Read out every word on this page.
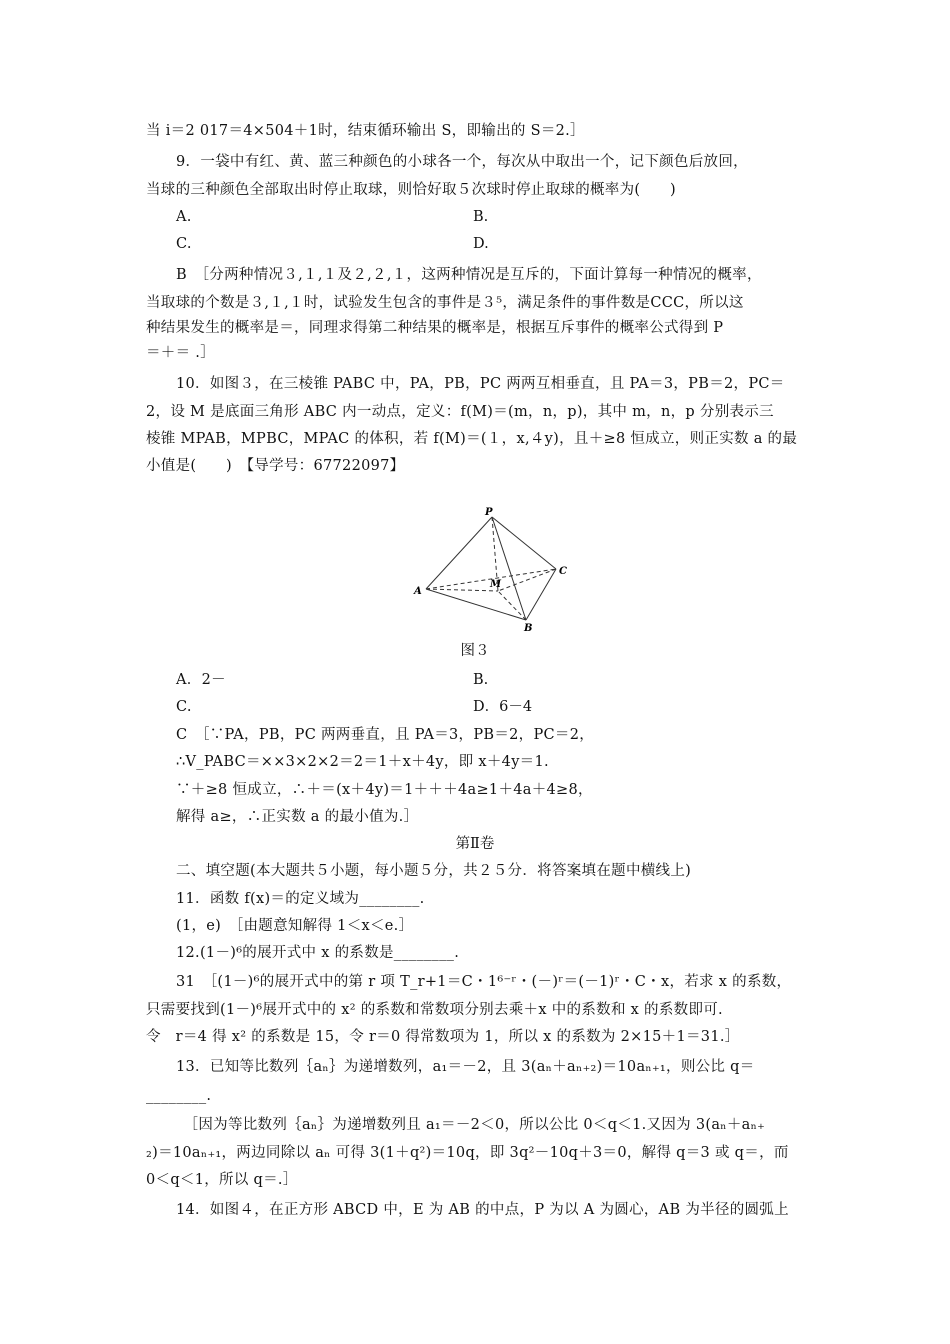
当 i＝2 017＝4×504＋1时，结束循环输出 S，即输出的 S＝2.］
9．一袋中有红、黄、蓝三种颜色的小球各一个，每次从中取出一个，记下颜色后放回，
当球的三种颜色全部取出时停止取球，则恰好取５次球时停止取球的概率为(　　)
A.	B.
C.	D.
B　［分两种情况３,１,１及２,２,１，这两种情况是互斥的，下面计算每一种情况的概率，
当取球的个数是３,１,１时，试验发生包含的事件是３⁵，满足条件的事件数是CCC，所以这
种结果发生的概率是＝，同理求得第二种结果的概率是，根据互斥事件的概率公式得到 P
＝＋＝ .］
10．如图３，在三棱锥 PABC 中，PA，PB，PC 两两互相垂直，且 PA＝3，PB＝2，PC＝
2，设 M 是底面三角形 ABC 内一动点，定义：f(M)＝(m，n，p)，其中 m，n，p 分别表示三
棱锥 MPAB，MPBC，MPAC 的体积，若 f(M)＝(１，x,４y)，且＋≥8 恒成立，则正实数 a 的最
小值是(　　)　【导学号：67722097】
P
A
C
B
M
图３
A．2－	B.
C.	D．6－4
C　［∵PA，PB，PC 两两垂直，且 PA＝3，PB＝2，PC＝2，
∴V_PABC＝××3×2×2＝2＝1＋x＋4y，即 x＋4y＝1.
∵＋≥8 恒成立，∴＋＝(x＋4y)＝1＋＋＋4a≥1＋4a＋4≥8，
解得 a≥，∴正实数 a 的最小值为.］
第Ⅱ卷
二、填空题(本大题共５小题，每小题５分，共２５分．将答案填在题中横线上)
11．函数 f(x)＝的定义域为________.
(1，e)　［由题意知解得 1＜x＜e.］
12.(1－)⁶的展开式中 x 的系数是________.
31　［(1－)⁶的展开式中的第 r 项 T_r+1＝C・1⁶⁻ʳ・(－)ʳ＝(－1)ʳ・C・x，若求 x 的系数，
只需要找到(1－)⁶展开式中的 x² 的系数和常数项分别去乘＋x 中的系数和 x 的系数即可.
令　r＝4 得 x² 的系数是 15，令 r＝0 得常数项为 1，所以 x 的系数为 2×15＋1＝31.］
13．已知等比数列｛aₙ｝为递增数列，a₁＝－2，且 3(aₙ＋aₙ₊₂)＝10aₙ₊₁，则公比 q＝
________.
　［因为等比数列｛aₙ｝为递增数列且 a₁＝－2＜0，所以公比 0＜q＜1.又因为 3(aₙ＋aₙ₊
₂)＝10aₙ₊₁，两边同除以 aₙ 可得 3(1＋q²)＝10q，即 3q²－10q＋3＝0，解得 q＝3 或 q＝，而
0＜q＜1，所以 q＝.］
14．如图４，在正方形 ABCD 中，E 为 AB 的中点，P 为以 A 为圆心，AB 为半径的圆弧上
